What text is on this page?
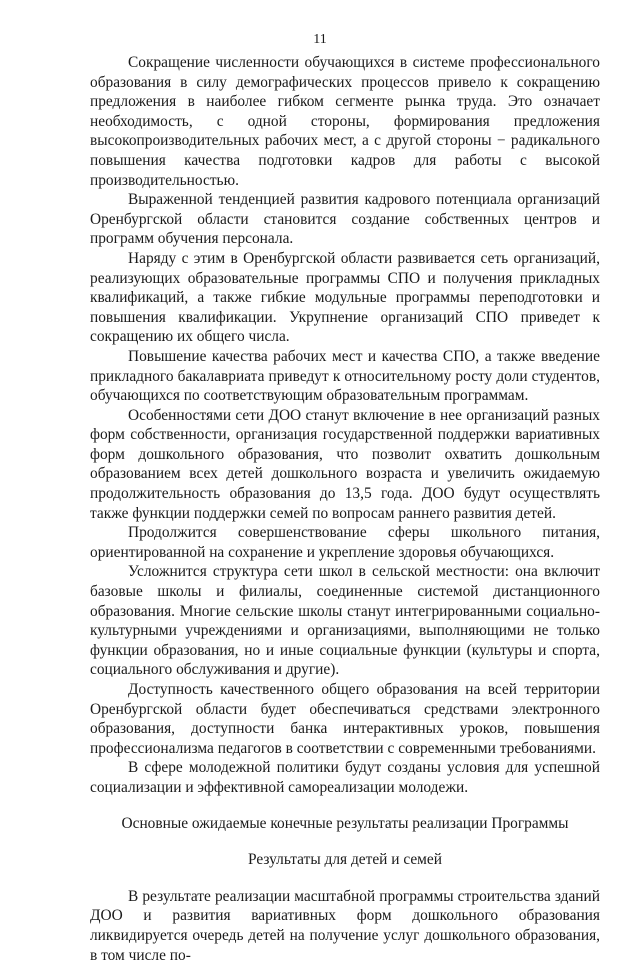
11

Сокращение численности обучающихся в системе профессионального образования в силу демографических процессов привело к сокращению предложения в наиболее гибком сегменте рынка труда. Это означает необходимость, с одной стороны, формирования предложения высокопроизводительных рабочих мест, а с другой стороны − радикального повышения качества подготовки кадров для работы с высокой производительностью.

Выраженной тенденцией развития кадрового потенциала организаций Оренбургской области становится создание собственных центров и программ обучения персонала.

Наряду с этим в Оренбургской области развивается сеть организаций, реализующих образовательные программы СПО и получения прикладных квалификаций, а также гибкие модульные программы переподготовки и повышения квалификации. Укрупнение организаций СПО приведет к сокращению их общего числа.

Повышение качества рабочих мест и качества СПО, а также введение прикладного бакалавриата приведут к относительному росту доли студентов, обучающихся по соответствующим образовательным программам.

Особенностями сети ДОО станут включение в нее организаций разных форм собственности, организация государственной поддержки вариативных форм дошкольного образования, что позволит охватить дошкольным образованием всех детей дошкольного возраста и увеличить ожидаемую продолжительность образования до 13,5 года. ДОО будут осуществлять также функции поддержки семей по вопросам раннего развития детей.

Продолжится совершенствование сферы школьного питания, ориентированной на сохранение и укрепление здоровья обучающихся.

Усложнится структура сети школ в сельской местности: она включит базовые школы и филиалы, соединенные системой дистанционного образования. Многие сельские школы станут интегрированными социально-культурными учреждениями и организациями, выполняющими не только функции образования, но и иные социальные функции (культуры и спорта, социального обслуживания и другие).

Доступность качественного общего образования на всей территории Оренбургской области будет обеспечиваться средствами электронного образования, доступности банка интерактивных уроков, повышения профессионализма педагогов в соответствии с современными требованиями.

В сфере молодежной политики будут созданы условия для успешной социализации и эффективной самореализации молодежи.

Основные ожидаемые конечные результаты реализации Программы

Результаты для детей и семей

В результате реализации масштабной программы строительства зданий ДОО и развития вариативных форм дошкольного образования ликвидируется очередь детей на получение услуг дошкольного образования, в том числе по-
